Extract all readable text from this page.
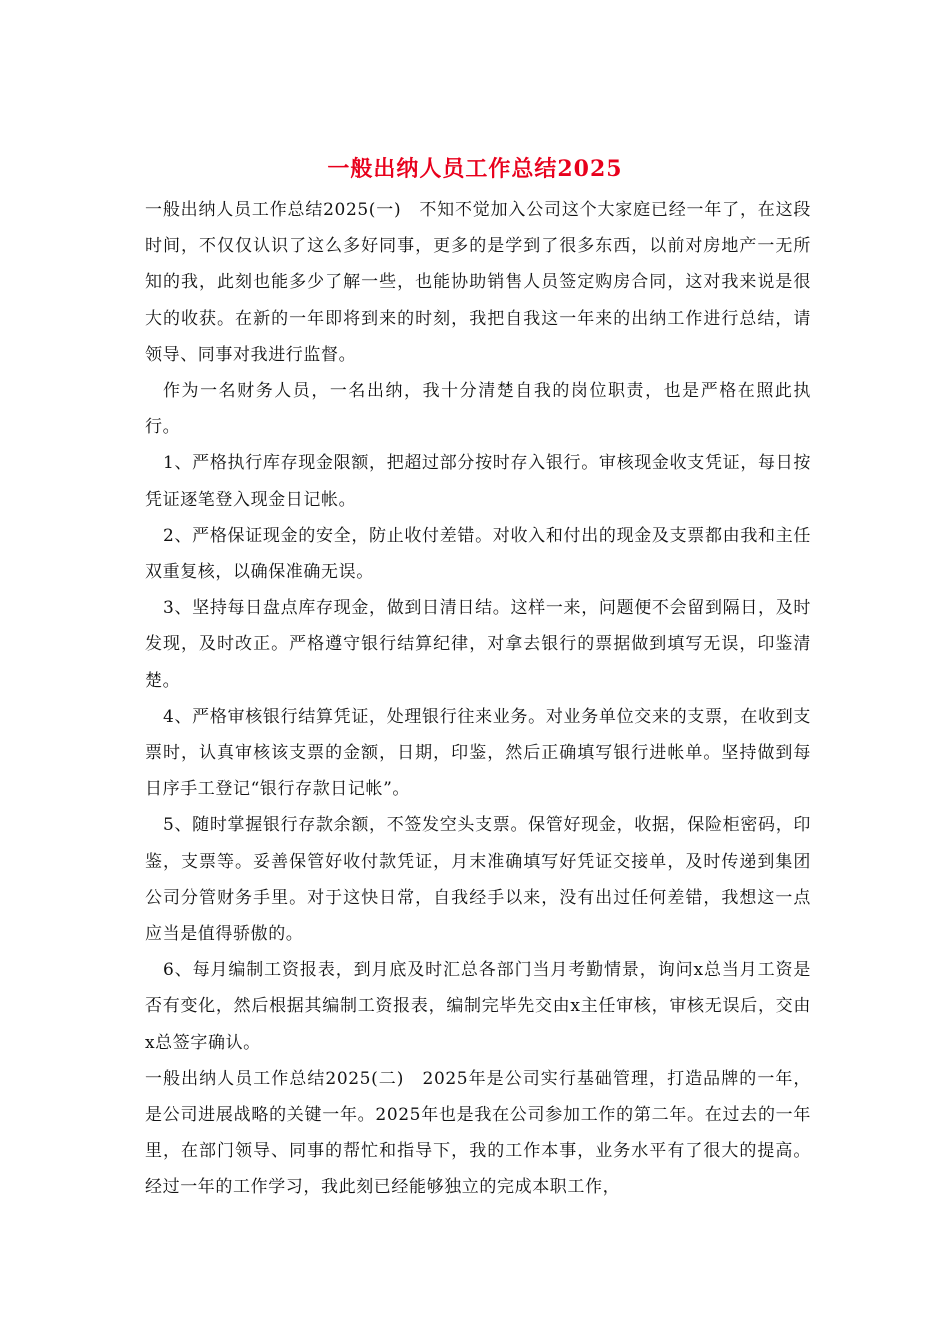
一般出纳人员工作总结2025

一般出纳人员工作总结2025(一)　不知不觉加入公司这个大家庭已经一年了，在这段时间，不仅仅认识了这么多好同事，更多的是学到了很多东西，以前对房地产一无所知的我，此刻也能多少了解一些，也能协助销售人员签定购房合同，这对我来说是很大的收获。在新的一年即将到来的时刻，我把自我这一年来的出纳工作进行总结，请领导、同事对我进行监督。

作为一名财务人员，一名出纳，我十分清楚自我的岗位职责，也是严格在照此执行。

1、严格执行库存现金限额，把超过部分按时存入银行。审核现金收支凭证，每日按凭证逐笔登入现金日记帐。

2、严格保证现金的安全，防止收付差错。对收入和付出的现金及支票都由我和主任双重复核，以确保准确无误。

3、坚持每日盘点库存现金，做到日清日结。这样一来，问题便不会留到隔日，及时发现，及时改正。严格遵守银行结算纪律，对拿去银行的票据做到填写无误，印鉴清楚。

4、严格审核银行结算凭证，处理银行往来业务。对业务单位交来的支票，在收到支票时，认真审核该支票的金额，日期，印鉴，然后正确填写银行进帐单。坚持做到每日序手工登记“银行存款日记帐”。

5、随时掌握银行存款余额，不签发空头支票。保管好现金，收据，保险柜密码，印鉴，支票等。妥善保管好收付款凭证，月末准确填写好凭证交接单，及时传递到集团公司分管财务手里。对于这快日常，自我经手以来，没有出过任何差错，我想这一点应当是值得骄傲的。

6、每月编制工资报表，到月底及时汇总各部门当月考勤情景，询问x总当月工资是否有变化，然后根据其编制工资报表，编制完毕先交由x主任审核，审核无误后，交由x总签字确认。

一般出纳人员工作总结2025(二)　2025年是公司实行基础管理，打造品牌的一年，是公司进展战略的关键一年。2025年也是我在公司参加工作的第二年。在过去的一年里，在部门领导、同事的帮忙和指导下，我的工作本事，业务水平有了很大的提高。经过一年的工作学习，我此刻已经能够独立的完成本职工作，
